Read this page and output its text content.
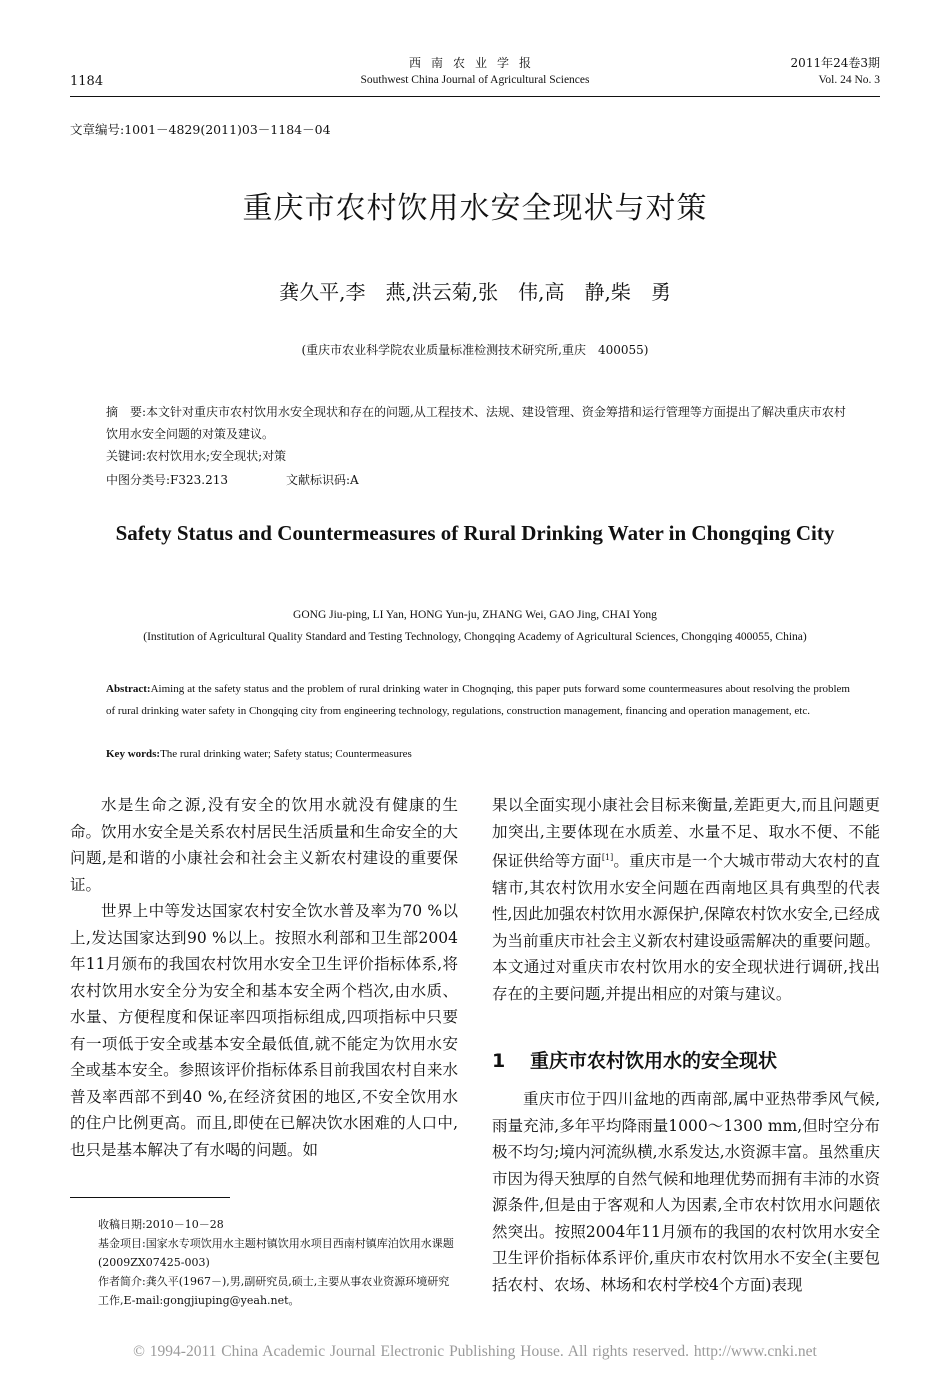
1184
西南农业学报
Southwest China Journal of Agricultural Sciences
2011年24卷3期
Vol. 24 No. 3
文章编号:1001－4829(2011)03－1184－04
重庆市农村饮用水安全现状与对策
龚久平,李　燕,洪云菊,张　伟,高　静,柴　勇
(重庆市农业科学院农业质量标准检测技术研究所,重庆　400055)
摘　要:本文针对重庆市农村饮用水安全现状和存在的问题,从工程技术、法规、建设管理、资金筹措和运行管理等方面提出了解决重庆市农村饮用水安全问题的对策及建议。
关键词:农村饮用水;安全现状;对策
中图分类号:F323.213	文献标识码:A
Safety Status and Countermeasures of Rural Drinking Water in Chongqing City
GONG Jiu-ping, LI Yan, HONG Yun-ju, ZHANG Wei, GAO Jing, CHAI Yong
(Institution of Agricultural Quality Standard and Testing Technology, Chongqing Academy of Agricultural Sciences, Chongqing 400055, China)
Abstract:Aiming at the safety status and the problem of rural drinking water in Chognqing, this paper puts forward some countermeasures about resolving the problem of rural drinking water safety in Chongqing city from engineering technology, regulations, construction management, financing and operation management, etc.
Key words:The rural drinking water; Safety status; Countermeasures

水是生命之源,没有安全的饮用水就没有健康的生命。饮用水安全是关系农村居民生活质量和生命安全的大问题,是和谐的小康社会和社会主义新农村建设的重要保证。

世界上中等发达国家农村安全饮水普及率为70 %以上,发达国家达到90 %以上。按照水利部和卫生部2004年11月颁布的我国农村饮用水安全卫生评价指标体系,将农村饮用水安全分为安全和基本安全两个档次,由水质、水量、方便程度和保证率四项指标组成,四项指标中只要有一项低于安全或基本安全最低值,就不能定为饮用水安全或基本安全。参照该评价指标体系目前我国农村自来水普及率西部不到40 %,在经济贫困的地区,不安全饮用水的住户比例更高。而且,即使在已解决饮水困难的人口中,也只是基本解决了有水喝的问题。如

果以全面实现小康社会目标来衡量,差距更大,而且问题更加突出,主要体现在水质差、水量不足、取水不便、不能保证供给等方面[1]。重庆市是一个大城市带动大农村的直辖市,其农村饮用水安全问题在西南地区具有典型的代表性,因此加强农村饮用水源保护,保障农村饮水安全,已经成为当前重庆市社会主义新农村建设亟需解决的重要问题。本文通过对重庆市农村饮用水的安全现状进行调研,找出存在的主要问题,并提出相应的对策与建议。

1 重庆市农村饮用水的安全现状

重庆市位于四川盆地的西南部,属中亚热带季风气候,雨量充沛,多年平均降雨量1000～1300 mm,但时空分布极不均匀;境内河流纵横,水系发达,水资源丰富。虽然重庆市因为得天独厚的自然气候和地理优势而拥有丰沛的水资源条件,但是由于客观和人为因素,全市农村饮用水问题依然突出。按照2004年11月颁布的我国的农村饮用水安全卫生评价指标体系评价,重庆市农村饮用水不安全(主要包括农村、农场、林场和农村学校4个方面)表现

收稿日期:2010－10－28

基金项目:国家水专项饮用水主题村镇饮用水项目西南村镇库泊饮用水课题(2009ZX07425-003)

作者简介:龚久平(1967－),男,副研究员,硕士,主要从事农业资源环境研究工作,E-mail:gongjiuping@yeah.net。

© 1994-2011 China Academic Journal Electronic Publishing House. All rights reserved. http://www.cnki.net
